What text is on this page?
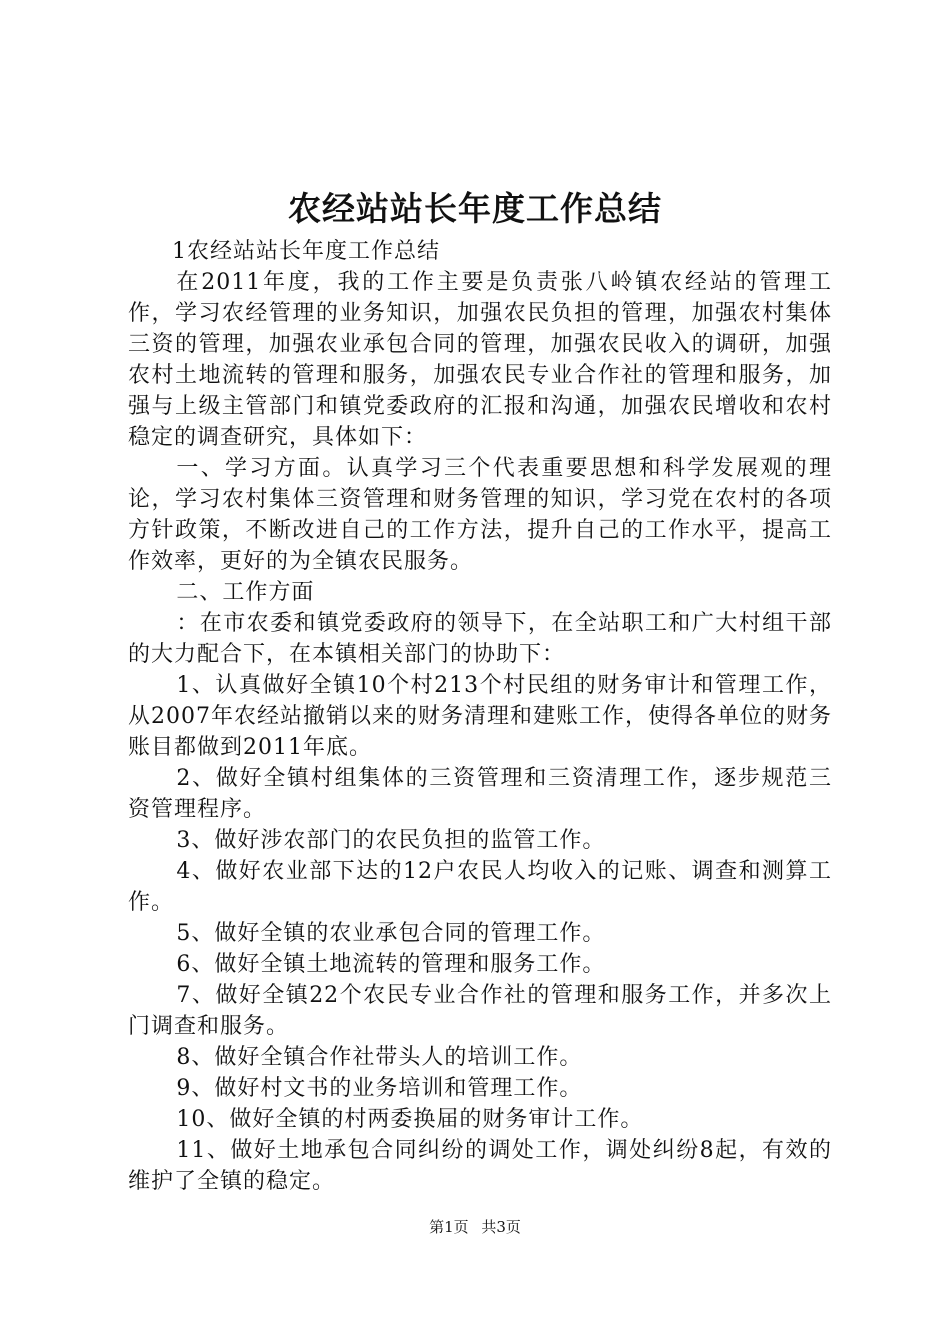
农经站站长年度工作总结

1农经站站长年度工作总结

在2011年度，我的工作主要是负责张八岭镇农经站的管理工作，学习农经管理的业务知识，加强农民负担的管理，加强农村集体三资的管理，加强农业承包合同的管理，加强农民收入的调研，加强农村土地流转的管理和服务，加强农民专业合作社的管理和服务，加强与上级主管部门和镇党委政府的汇报和沟通，加强农民增收和农村稳定的调查研究，具体如下：

一、学习方面。认真学习三个代表重要思想和科学发展观的理论，学习农村集体三资管理和财务管理的知识，学习党在农村的各项方针政策，不断改进自己的工作方法，提升自己的工作水平，提高工作效率，更好的为全镇农民服务。

二、工作方面

：在市农委和镇党委政府的领导下，在全站职工和广大村组干部的大力配合下，在本镇相关部门的协助下：

1、认真做好全镇10个村213个村民组的财务审计和管理工作，从2007年农经站撤销以来的财务清理和建账工作，使得各单位的财务账目都做到2011年底。

2、做好全镇村组集体的三资管理和三资清理工作，逐步规范三资管理程序。

3、做好涉农部门的农民负担的监管工作。

4、做好农业部下达的12户农民人均收入的记账、调查和测算工作。

5、做好全镇的农业承包合同的管理工作。

6、做好全镇土地流转的管理和服务工作。

7、做好全镇22个农民专业合作社的管理和服务工作，并多次上门调查和服务。

8、做好全镇合作社带头人的培训工作。

9、做好村文书的业务培训和管理工作。

10、做好全镇的村两委换届的财务审计工作。

11、做好土地承包合同纠纷的调处工作，调处纠纷8起，有效的维护了全镇的稳定。

第1页 共3页
